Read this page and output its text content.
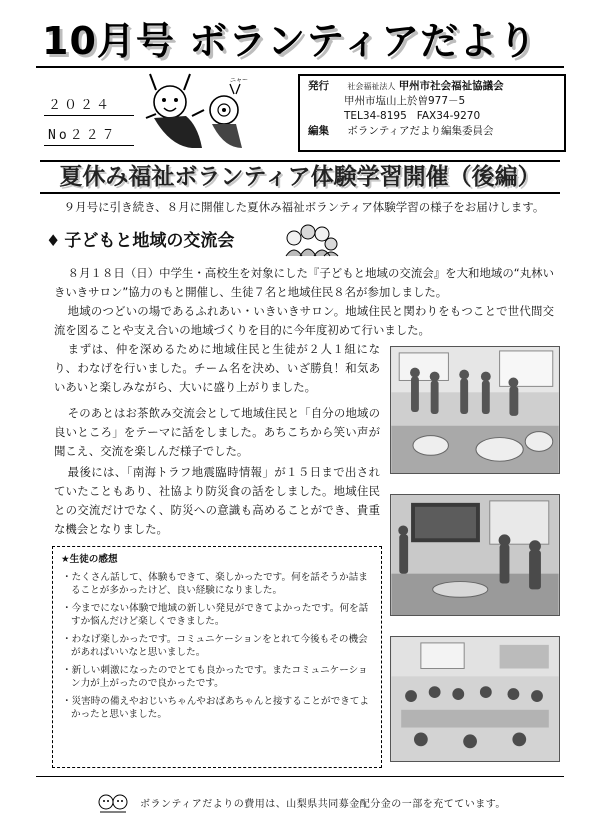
10月号 ボランティアだより
２０２４
No２２７
ニャー	発行 社会福祉法人 甲州市社会福祉協議会
甲州市塩山上於曽977－5
TEL34-8195 FAX34-9270
編集 ボランティアだより編集委員会
夏休み福祉ボランティア体験学習開催（後編）
９月号に引き続き、８月に開催した夏休み福祉ボランティア体験学習の様子をお届けします。
♦ 子どもと地域の交流会
８月１８日（日）中学生・高校生を対象にした『子どもと地域の交流会』を大和地域の“丸林いきいきサロン”協力のもと開催し、生徒７名と地域住民８名が参加しました。
地域のつどいの場であるふれあい・いきいきサロン。地域住民と関わりをもつことで世代間交流を図ることや支え合いの地域づくりを目的に今年度初めて行いました。
まずは、仲を深めるために地域住民と生徒が２人１組になり、わなげを行いました。チーム名を決め、いざ勝負！和気あいあいと楽しみながら、大いに盛り上がりました。
そのあとはお茶飲み交流会として地域住民と「自分の地域の良いところ」をテーマに話をしました。あちこちから笑い声が聞こえ、交流を楽しんだ様子でした。
最後には、「南海トラフ地震臨時情報」が１５日まで出されていたこともあり、社協より防災食の話をしました。地域住民との交流だけでなく、防災への意識も高めることができ、貴重な機会となりました。
★生徒の感想
・ たくさん話して、体験もできて、楽しかったです。何を話そうか詰まることが多かったけど、良い経験になりました。
・ 今までにない体験で地域の新しい発見ができてよかったです。何を話すか悩んだけど楽しくできました。
・ わなげ楽しかったです。コミュニケーションをとれて今後もその機会があればいいなと思いました。
・ 新しい刺激になったのでとても良かったです。またコミュニケーション力が上がったので良かったです。
・ 災害時の備えやおじいちゃんやおばあちゃんと接することができてよかったと思いました。
ボランティアだよりの費用は、山梨県共同募金配分金の一部を充てています。
